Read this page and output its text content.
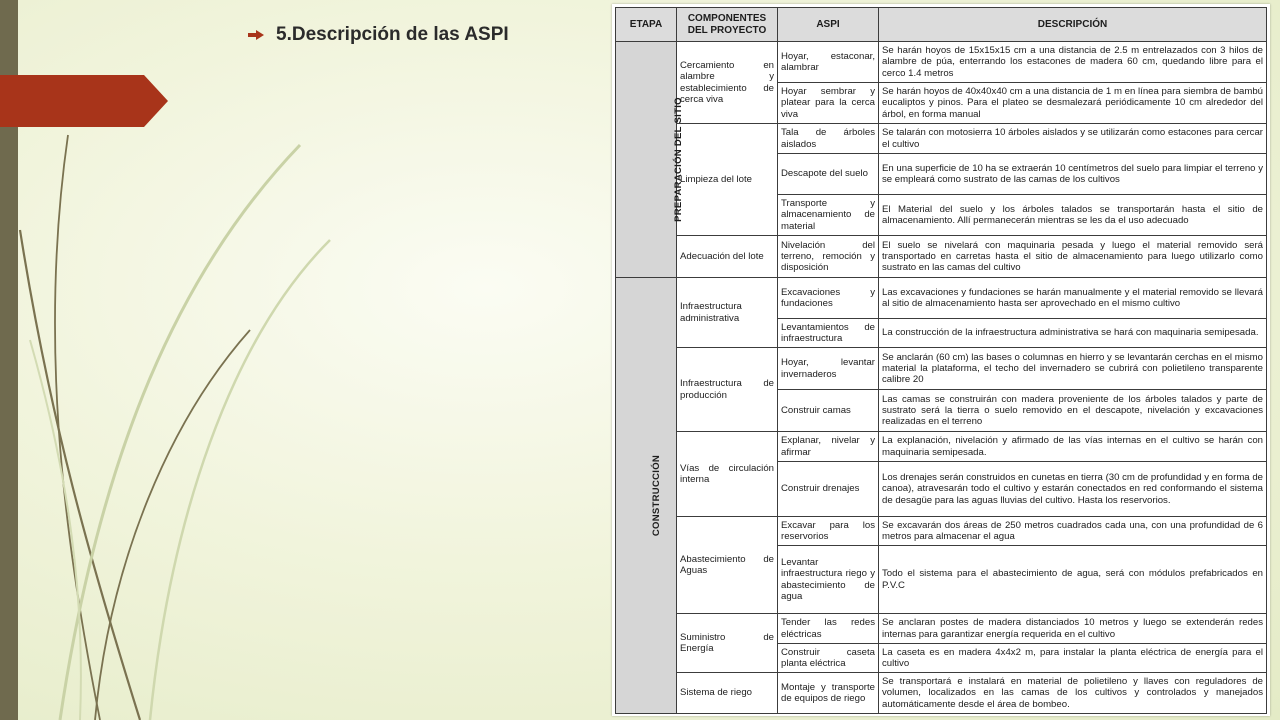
5.Descripción de las ASPI	ETAPA	COMPONENTES DEL PROYECTO	ASPI	DESCRIPCIÓN
PREPARACIÓN DEL SITIO	Cercamiento en alambre y establecimiento de cerca viva	Hoyar, estaconar, alambrar	Se harán hoyos de 15x15x15 cm a una distancia de 2.5 m entrelazados con 3 hilos de alambre de púa, enterrando los estacones de madera 60 cm, quedando libre para el cerco 1.4 metros
		Hoyar sembrar y platear para la cerca viva	Se harán hoyos de 40x40x40 cm a una distancia de 1 m en línea para siembra de bambú eucaliptos y pinos. Para el plateo se desmalezará periódicamente 10 cm alrededor del árbol, en forma manual
	Limpieza del lote	Tala de árboles aislados	Se talarán con motosierra 10 árboles aislados y se utilizarán como estacones para cercar el cultivo
		Descapote del suelo	En una superficie de 10 ha se extraerán 10 centímetros del suelo para limpiar el terreno y se empleará como sustrato de las camas de los cultivos
		Transporte y almacenamiento de material	El Material del suelo y los árboles talados se transportarán hasta el sitio de almacenamiento. Allí permanecerán mientras se les da el uso adecuado
	Adecuación del lote	Nivelación del terreno, remoción y disposición	El suelo se nivelará con maquinaria pesada y luego el material removido será transportado en carretas hasta el sitio de almacenamiento para luego utilizarlo como sustrato en las camas del cultivo
CONSTRUCCIÓN	Infraestructura administrativa	Excavaciones y fundaciones	Las excavaciones y fundaciones se harán manualmente y el material removido se llevará al sitio de almacenamiento hasta ser aprovechado en el mismo cultivo
		Levantamientos de infraestructura	La construcción de la infraestructura administrativa se hará con maquinaria semipesada.
	Infraestructura de producción	Hoyar, levantar invernaderos	Se anclarán (60 cm) las bases o columnas en hierro y se levantarán cerchas en el mismo material la plataforma, el techo del invernadero se cubrirá con polietileno transparente calibre 20
		Construir camas	Las camas se construirán con madera proveniente de los árboles talados y parte de sustrato será la tierra o suelo removido en el descapote, nivelación y excavaciones realizadas en el terreno
	Vías de circulación interna	Explanar, nivelar y afirmar	La explanación, nivelación y afirmado de las vías internas en el cultivo se harán con maquinaria semipesada.
		Construir drenajes	Los drenajes serán construidos en cunetas en tierra (30 cm de profundidad y en forma de canoa), atravesarán todo el cultivo y estarán conectados en red conformando el sistema de desagüe para las aguas lluvias del cultivo. Hasta los reservorios.
	Abastecimiento de Aguas	Excavar para los reservorios	Se excavarán dos áreas de 250 metros cuadrados cada una, con una profundidad de 6 metros para almacenar el agua
		Levantar infraestructura riego y abastecimiento de agua	Todo el sistema para el abastecimiento de agua, será con módulos prefabricados en P.V.C
	Suministro de Energía	Tender las redes eléctricas	Se anclaran postes de madera distanciados 10 metros y luego se extenderán redes internas para garantizar energía requerida en el cultivo
		Construir caseta planta eléctrica	La caseta es en madera 4x4x2 m, para instalar la planta eléctrica de energía para el cultivo
	Sistema de riego	Montaje y transporte de equipos de riego	Se transportará e instalará en material de polietileno y llaves con reguladores de volumen, localizados en las camas de los cultivos y controlados y manejados automáticamente desde el área de bombeo.
